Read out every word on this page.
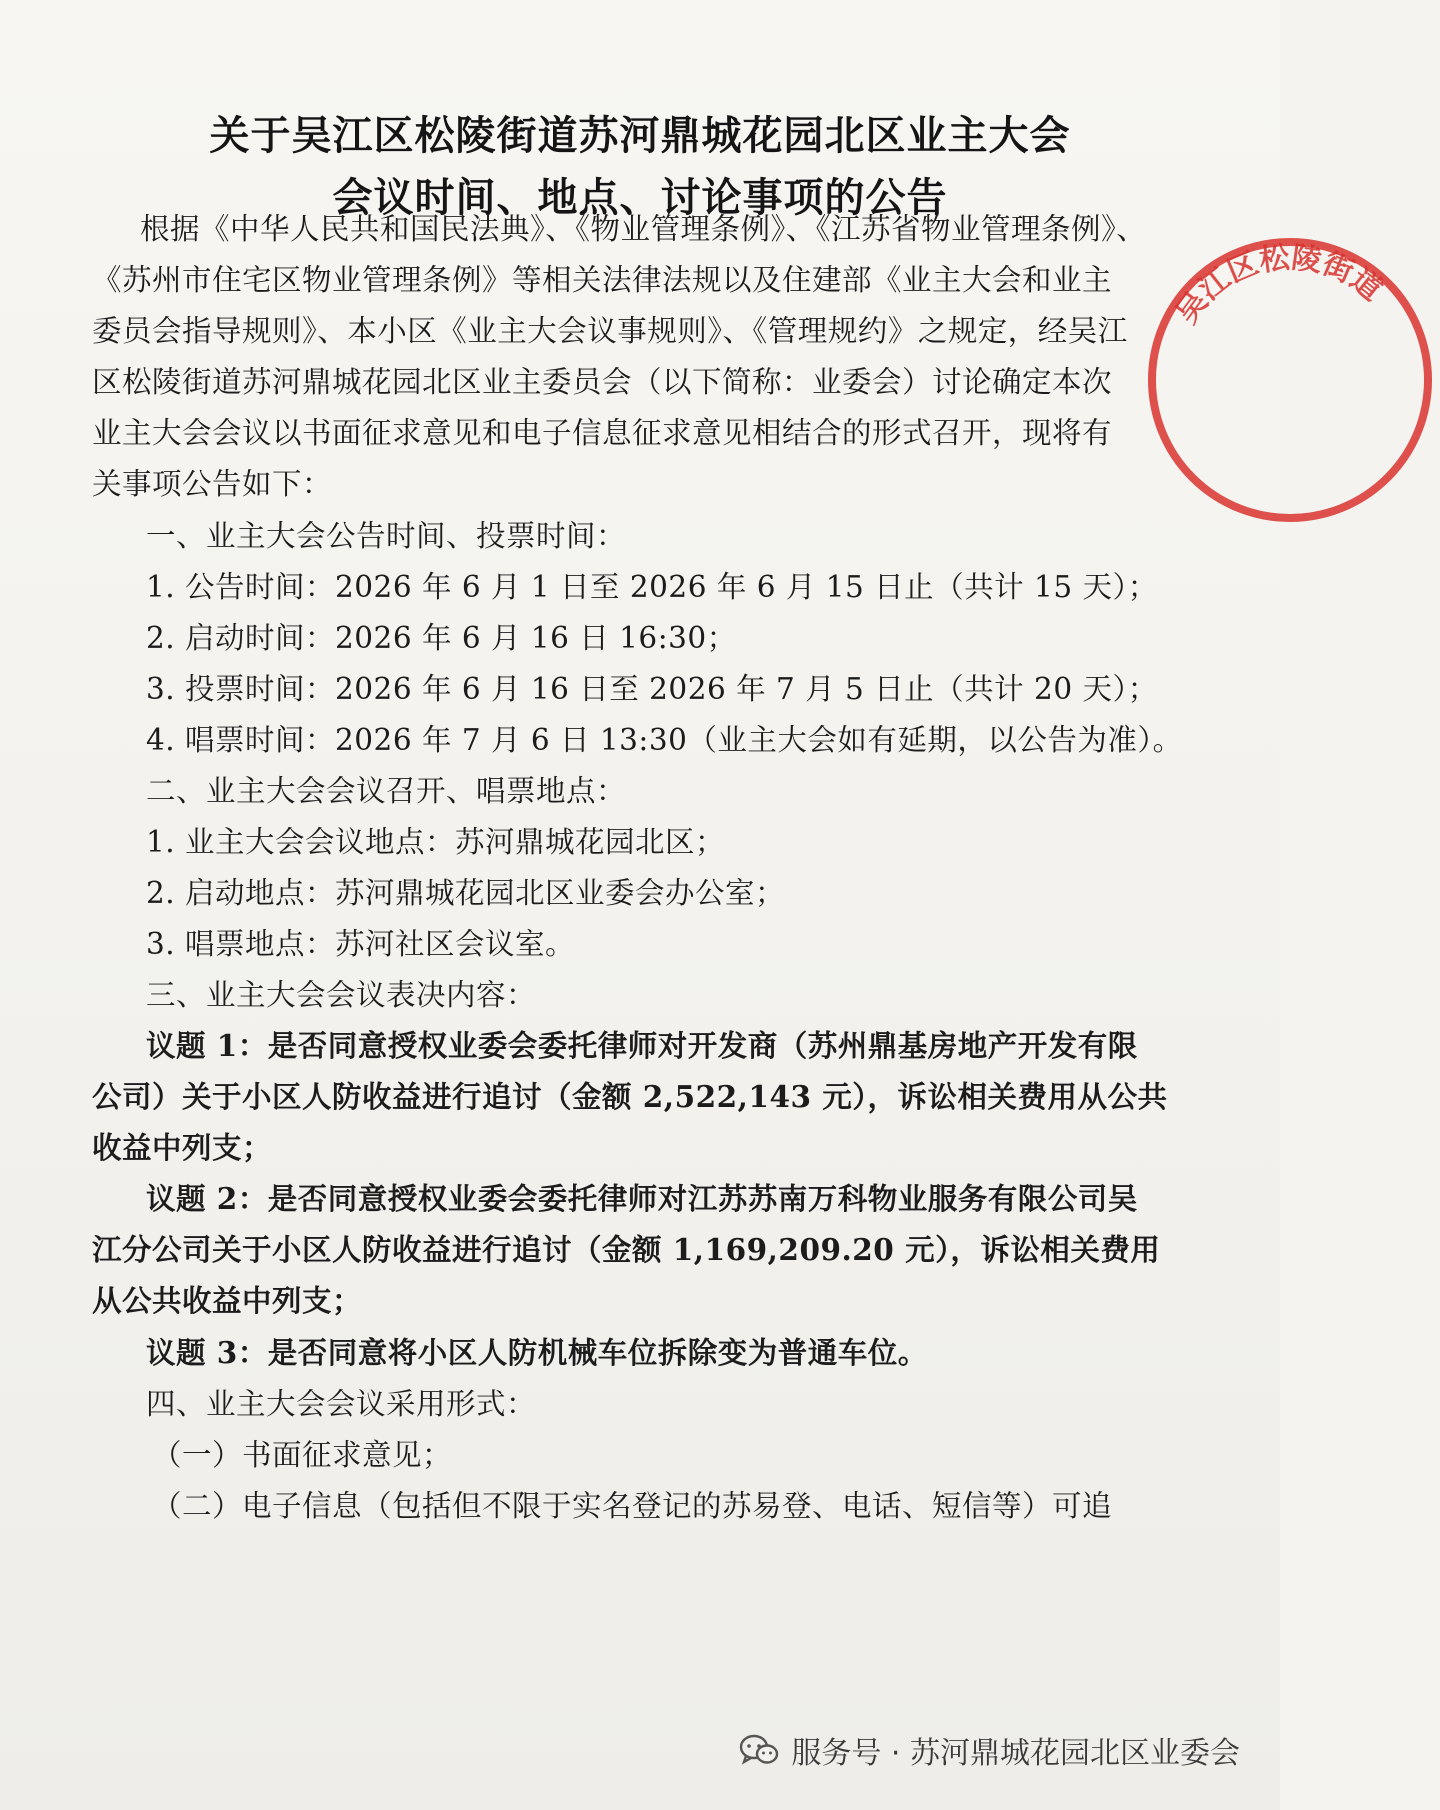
关于吴江区松陵街道苏河鼎城花园北区业主大会
会议时间、地点、讨论事项的公告
根据《中华人民共和国民法典》、《物业管理条例》、《江苏省物业管理条例》、
《苏州市住宅区物业管理条例》等相关法律法规以及住建部《业主大会和业主
委员会指导规则》、本小区《业主大会议事规则》、《管理规约》之规定，经吴江
区松陵街道苏河鼎城花园北区业主委员会（以下简称：业委会）讨论确定本次
业主大会会议以书面征求意见和电子信息征求意见相结合的形式召开，现将有
关事项公告如下：
一、业主大会公告时间、投票时间：
1. 公告时间：2026 年 6 月 1 日至 2026 年 6 月 15 日止（共计 15 天）；
2. 启动时间：2026 年 6 月 16 日 16:30；
3. 投票时间：2026 年 6 月 16 日至 2026 年 7 月 5 日止（共计 20 天）；
4. 唱票时间：2026 年 7 月 6 日 13:30（业主大会如有延期，以公告为准）。
二、业主大会会议召开、唱票地点：
1. 业主大会会议地点：苏河鼎城花园北区；
2. 启动地点：苏河鼎城花园北区业委会办公室；
3. 唱票地点：苏河社区会议室。
三、业主大会会议表决内容：
议题 1：是否同意授权业委会委托律师对开发商（苏州鼎基房地产开发有限
公司）关于小区人防收益进行追讨（金额 2,522,143 元），诉讼相关费用从公共
收益中列支；
议题 2：是否同意授权业委会委托律师对江苏苏南万科物业服务有限公司吴
江分公司关于小区人防收益进行追讨（金额 1,169,209.20 元），诉讼相关费用
从公共收益中列支；
议题 3：是否同意将小区人防机械车位拆除变为普通车位。
四、业主大会会议采用形式：
（一）书面征求意见；
（二）电子信息（包括但不限于实名登记的苏易登、电话、短信等）可追
吴江区松陵街道
服务号 · 苏河鼎城花园北区业委会
